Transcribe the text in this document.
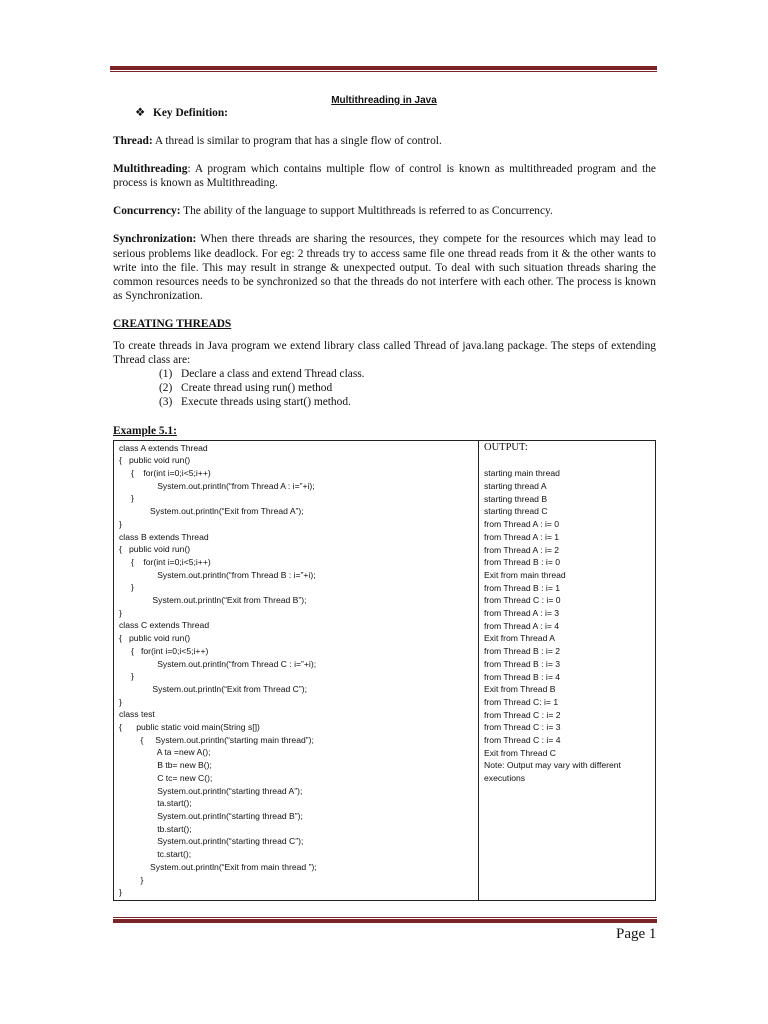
Multithreading in Java
❖ Key Definition:

Thread: A thread is similar to program that has a single flow of control.

Multithreading: A program which contains multiple flow of control is known as multithreaded program and the process is known as Multithreading.

Concurrency: The ability of the language to support Multithreads is referred to as Concurrency.

Synchronization: When there threads are sharing the resources, they compete for the resources which may lead to serious problems like deadlock. For eg: 2 threads try to access same file one thread reads from it & the other wants to write into the file. This may result in strange & unexpected output. To deal with such situation threads sharing the common resources needs to be synchronized so that the threads do not interfere with each other. The process is known as Synchronization.

CREATING THREADS

To create threads in Java program we extend library class called Thread of java.lang package. The steps of extending Thread class are:

(1) Declare a class and extend Thread class.
(2) Create thread using run() method
(3) Execute threads using start() method.
Example 5.1:
class A extends Thread
{   public void run()
{    for(int i=0;i<5;i++)
System.out.println(“from Thread A : i=”+i);
}
System.out.println(“Exit from Thread A”);
}
class B extends Thread
{   public void run()
{    for(int i=0;i<5;i++)
System.out.println(“from Thread B : i=”+i);
}
System.out.println(“Exit from Thread B”);
}
class C extends Thread
{   public void run()
{   for(int i=0;i<5;i++)
System.out.println(“from Thread C : i=”+i);
}
System.out.println(“Exit from Thread C”);
}
class test
{      public static void main(String s[])
{     System.out.println(“starting main thread”);
A ta =new A();
B tb= new B();
C tc= new C();
System.out.println(“starting thread A”);
ta.start();
System.out.println(“starting thread B”);
tb.start();
System.out.println(“starting thread C”);
tc.start();
System.out.println(“Exit from main thread ”);
}
}

OUTPUT:
starting main thread
starting thread A
starting thread B
starting thread C
from Thread A : i= 0
from Thread A : i= 1
from Thread A : i= 2
from Thread B : i= 0
Exit from main thread
from Thread B : i= 1
from Thread C : i= 0
from Thread A : i= 3
from Thread A : i= 4
Exit from Thread A
from Thread B : i= 2
from Thread B : i= 3
from Thread B : i= 4
Exit from Thread B
from Thread C: i= 1
from Thread C : i= 2
from Thread C : i= 3
from Thread C : i= 4
Exit from Thread C
Note: Output may vary with different executions
Page 1
